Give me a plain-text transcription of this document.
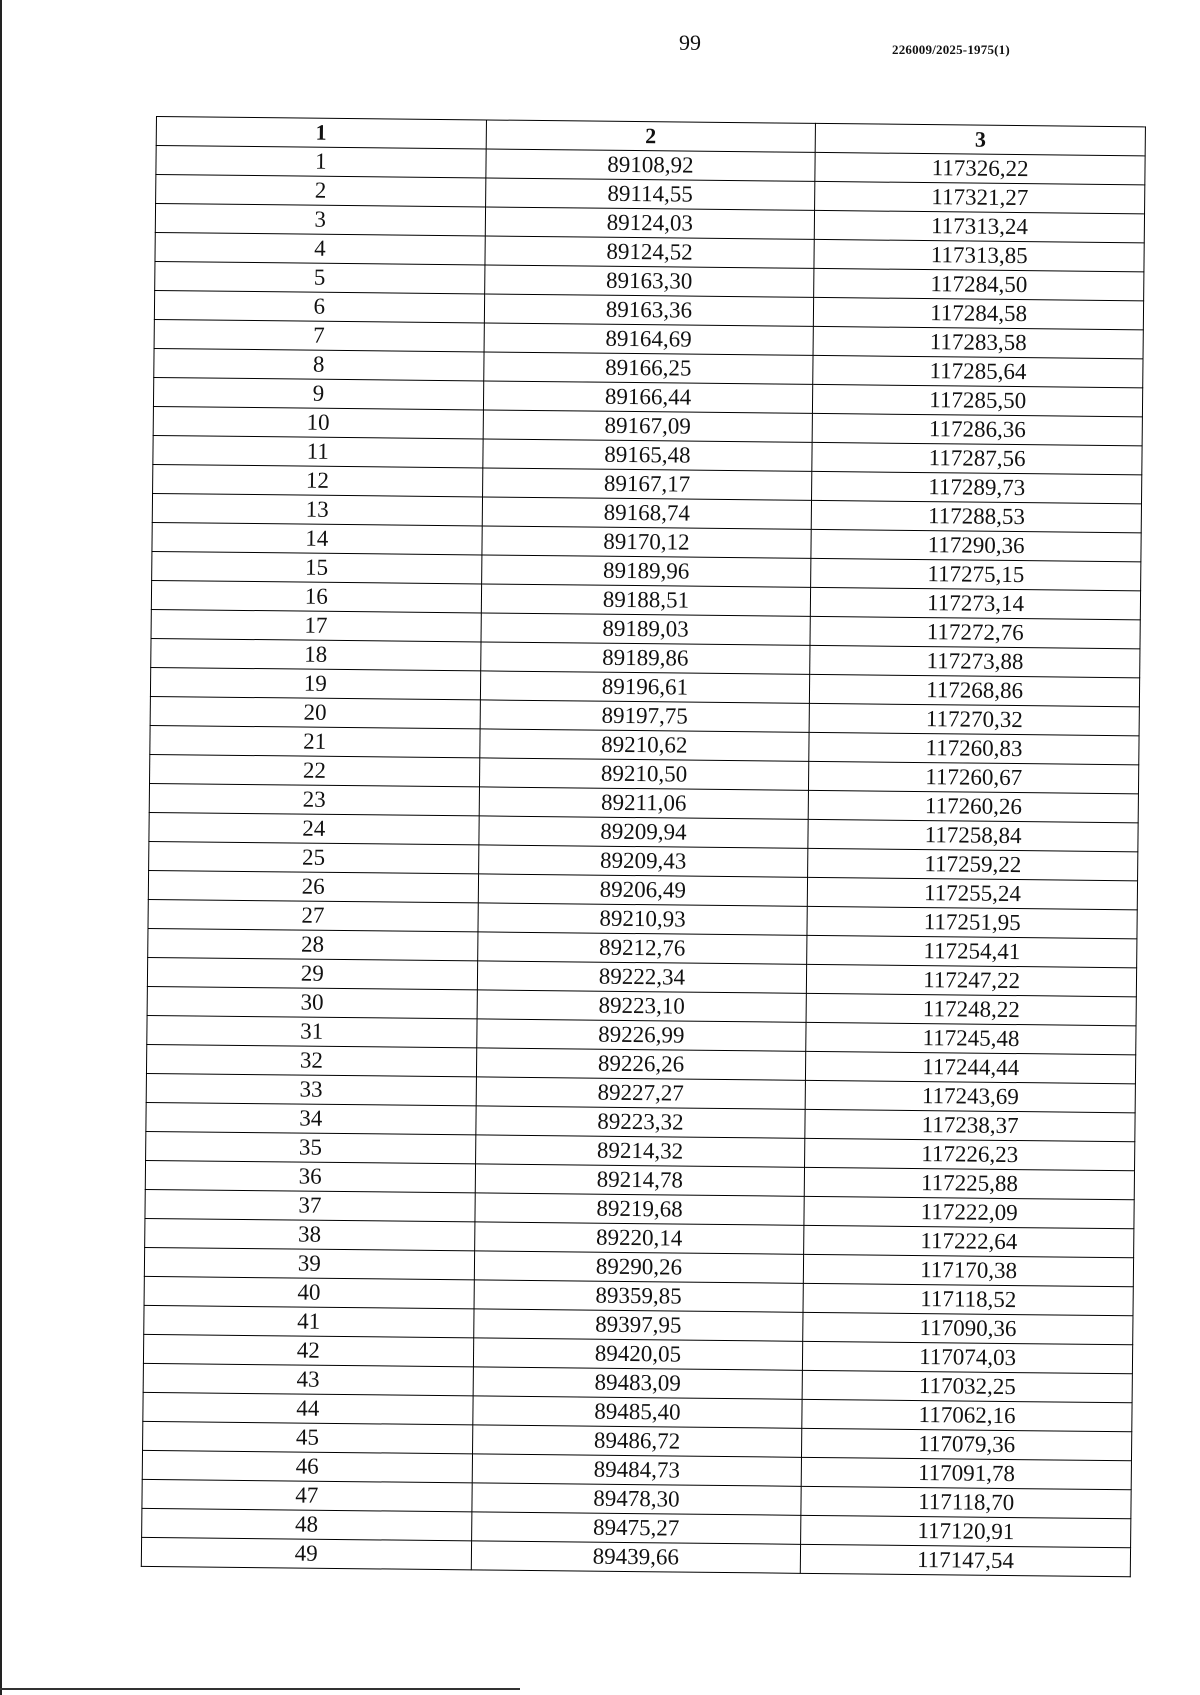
99	226009/2025-1975(1)
1	2	3
1	89108,92	117326,22
2	89114,55	117321,27
3	89124,03	117313,24
4	89124,52	117313,85
5	89163,30	117284,50
6	89163,36	117284,58
7	89164,69	117283,58
8	89166,25	117285,64
9	89166,44	117285,50
10	89167,09	117286,36
11	89165,48	117287,56
12	89167,17	117289,73
13	89168,74	117288,53
14	89170,12	117290,36
15	89189,96	117275,15
16	89188,51	117273,14
17	89189,03	117272,76
18	89189,86	117273,88
19	89196,61	117268,86
20	89197,75	117270,32
21	89210,62	117260,83
22	89210,50	117260,67
23	89211,06	117260,26
24	89209,94	117258,84
25	89209,43	117259,22
26	89206,49	117255,24
27	89210,93	117251,95
28	89212,76	117254,41
29	89222,34	117247,22
30	89223,10	117248,22
31	89226,99	117245,48
32	89226,26	117244,44
33	89227,27	117243,69
34	89223,32	117238,37
35	89214,32	117226,23
36	89214,78	117225,88
37	89219,68	117222,09
38	89220,14	117222,64
39	89290,26	117170,38
40	89359,85	117118,52
41	89397,95	117090,36
42	89420,05	117074,03
43	89483,09	117032,25
44	89485,40	117062,16
45	89486,72	117079,36
46	89484,73	117091,78
47	89478,30	117118,70
48	89475,27	117120,91
49	89439,66	117147,54
